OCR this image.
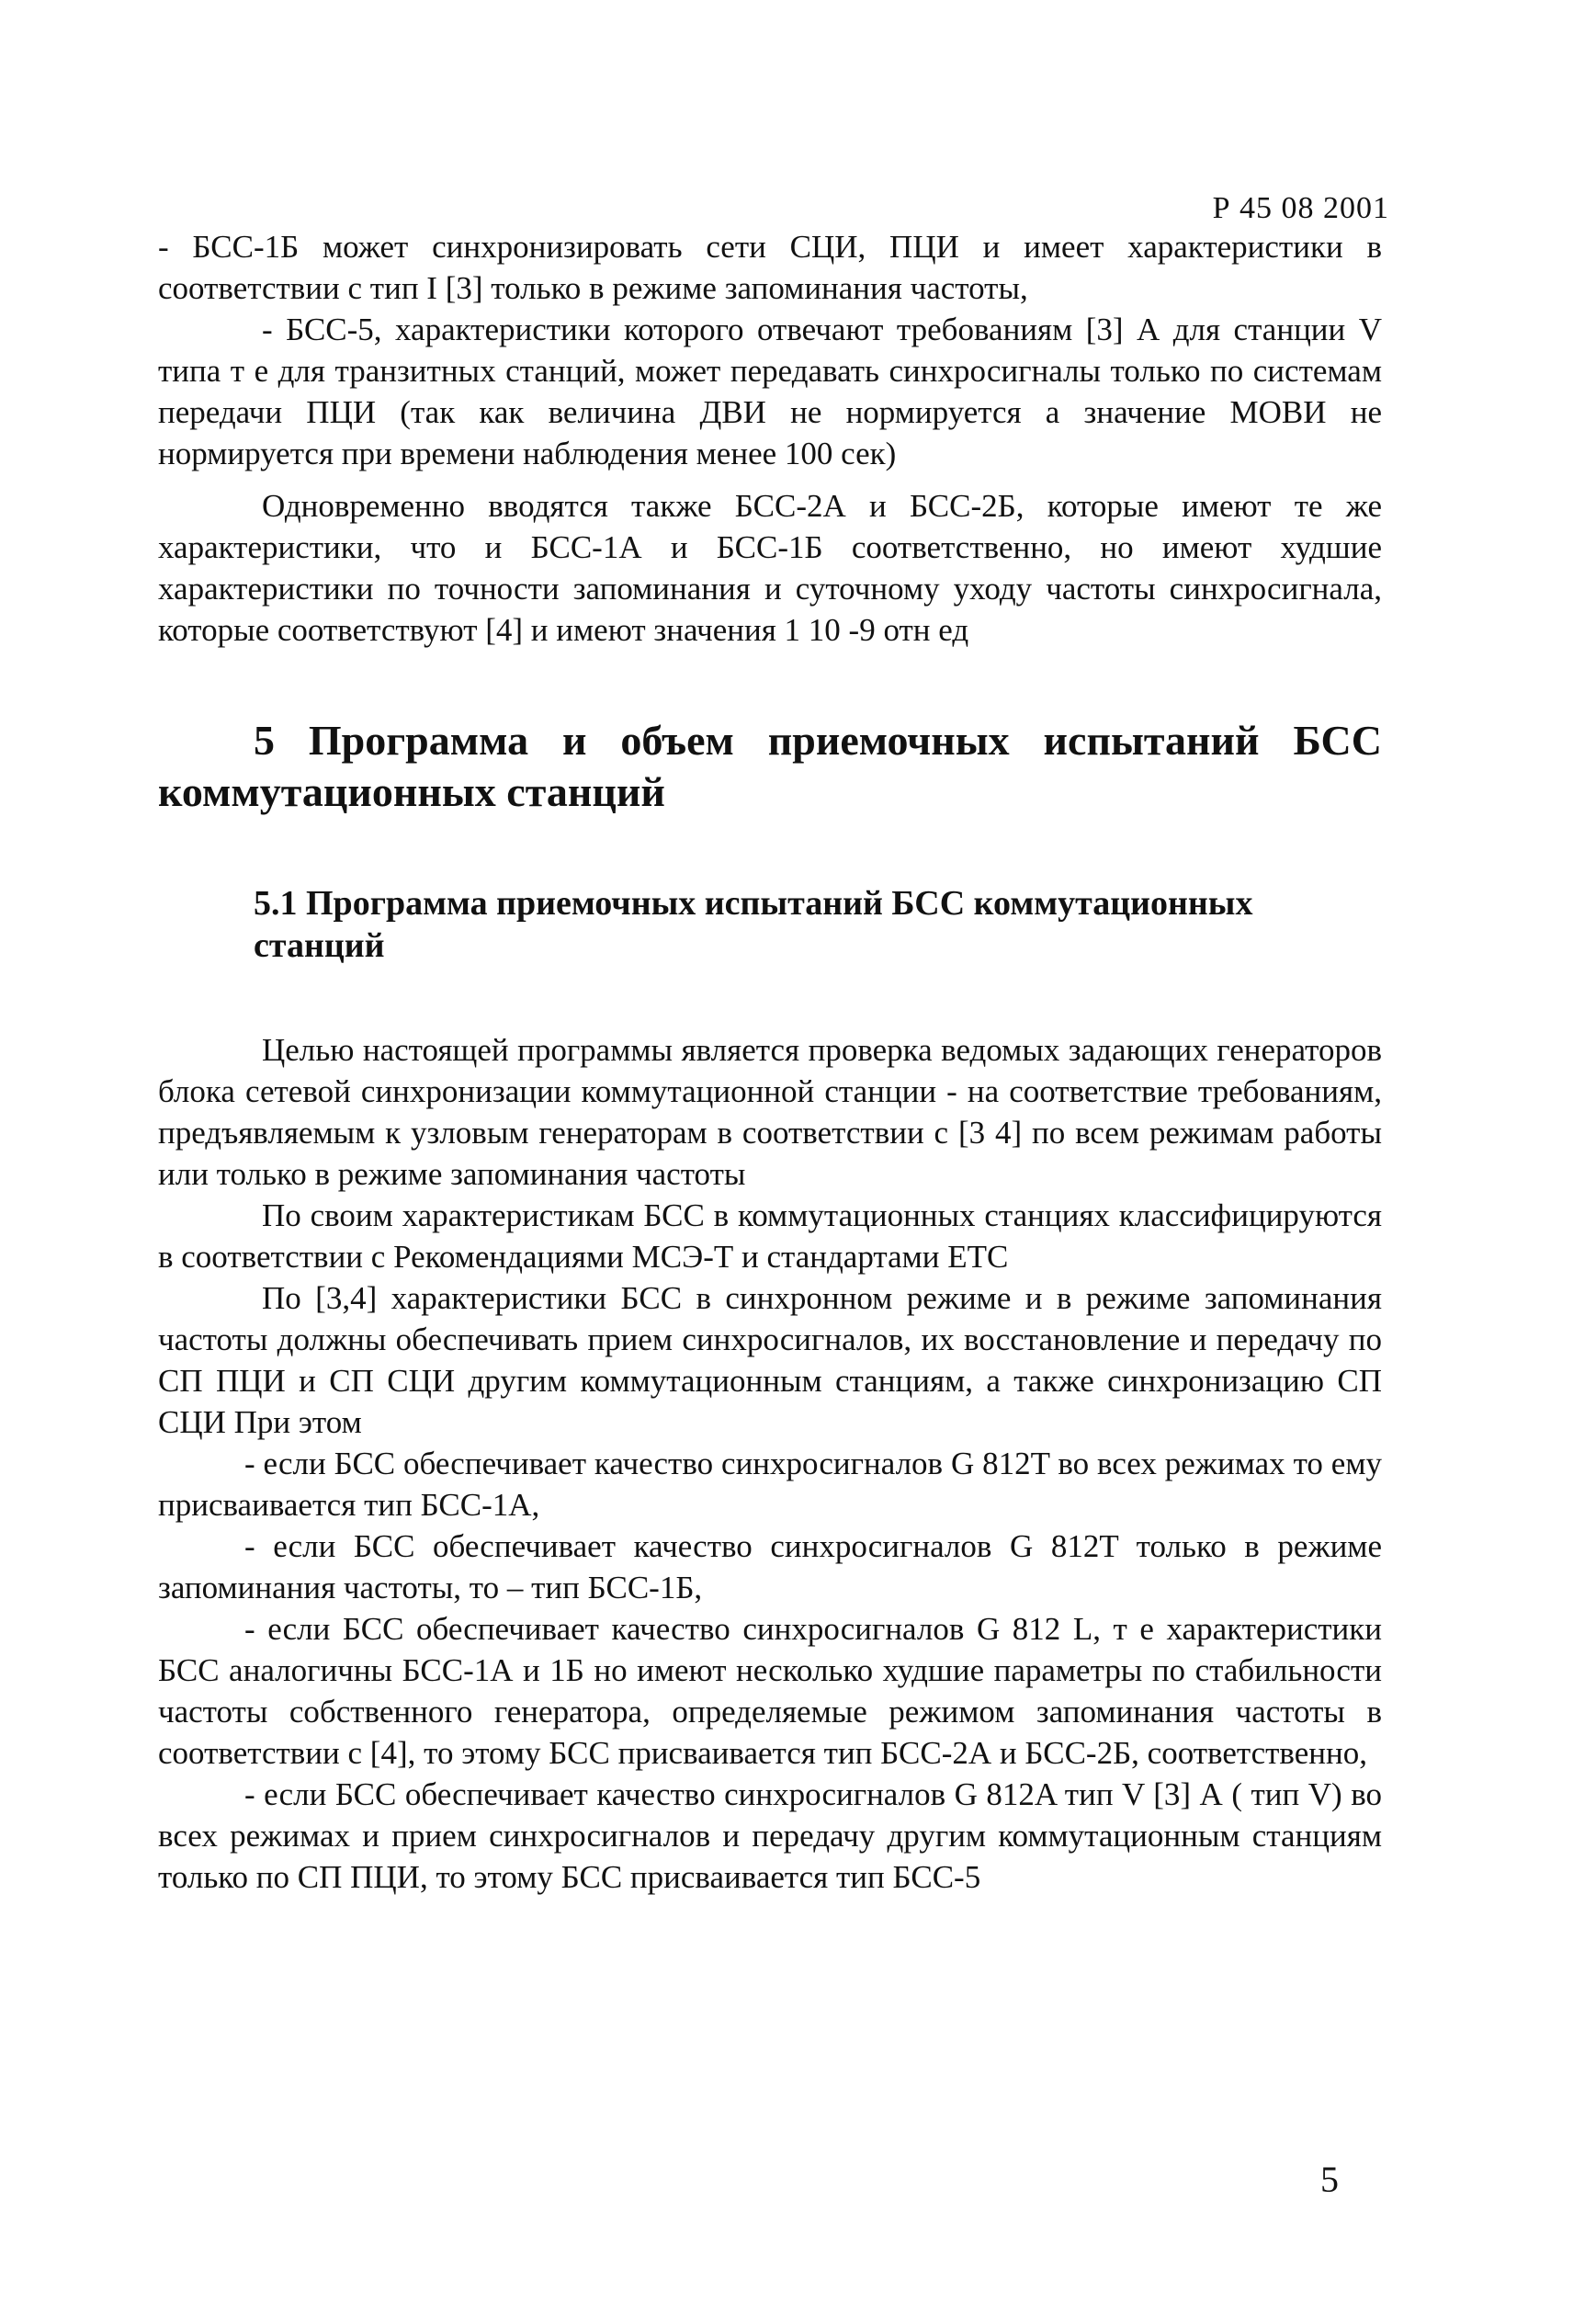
Р 45 08 2001

- БСС-1Б может синхронизировать сети СЦИ, ПЦИ и имеет характеристики в соответствии с тип I [3] только в режиме запоминания частоты,

- БСС-5, характеристики которого отвечают требованиям [3] А для станции V типа т е для транзитных станций, может передавать синхросигналы только по системам передачи ПЦИ (так как величина ДВИ не нормируется а значение МОВИ не нормируется при времени наблюдения менее 100 сек)

Одновременно вводятся также БСС-2А и БСС-2Б, которые имеют те же характеристики, что и БСС-1А и БСС-1Б соответственно, но имеют худшие характеристики по точности запоминания и суточному уходу частоты синхросигнала, которые соответствуют [4] и имеют значения 1 10 -9 отн ед

5 Программа и объем приемочных испытаний БСС коммутационных станций
5.1 Программа приемочных испытаний БСС коммутационных станций

Целью настоящей программы является проверка ведомых задающих генераторов блока сетевой синхронизации коммутационной станции - на соответствие требованиям, предъявляемым к узловым генераторам в соответствии с [3 4] по всем режимам работы или только в режиме запоминания частоты

По своим характеристикам БСС в коммутационных станциях классифицируются в соответствии с Рекомендациями МСЭ-Т и стандартами ЕТС

По [3,4] характеристики БСС в синхронном режиме и в режиме запоминания частоты должны обеспечивать прием синхросигналов, их восстановление и передачу по СП ПЦИ и СП СЦИ другим коммутационным станциям, а также синхронизацию СП СЦИ При этом

- если БСС обеспечивает качество синхросигналов G 812T во всех режимах то ему присваивается тип БСС-1А,

- если БСС обеспечивает качество синхросигналов G 812T только в режиме запоминания частоты, то – тип БСС-1Б,

- если БСС обеспечивает качество синхросигналов G 812 L, т е характеристики БСС аналогичны БСС-1А и 1Б но имеют несколько худшие параметры по стабильности частоты собственного генератора, определяемые режимом запоминания частоты в соответствии с [4], то этому БСС присваивается тип БСС-2А и БСС-2Б, соответственно,

- если БСС обеспечивает качество синхросигналов G 812A тип V [3] А ( тип V) во всех режимах и прием синхросигналов и передачу другим коммутационным станциям только по СП ПЦИ, то этому БСС присваивается тип БСС-5

5
